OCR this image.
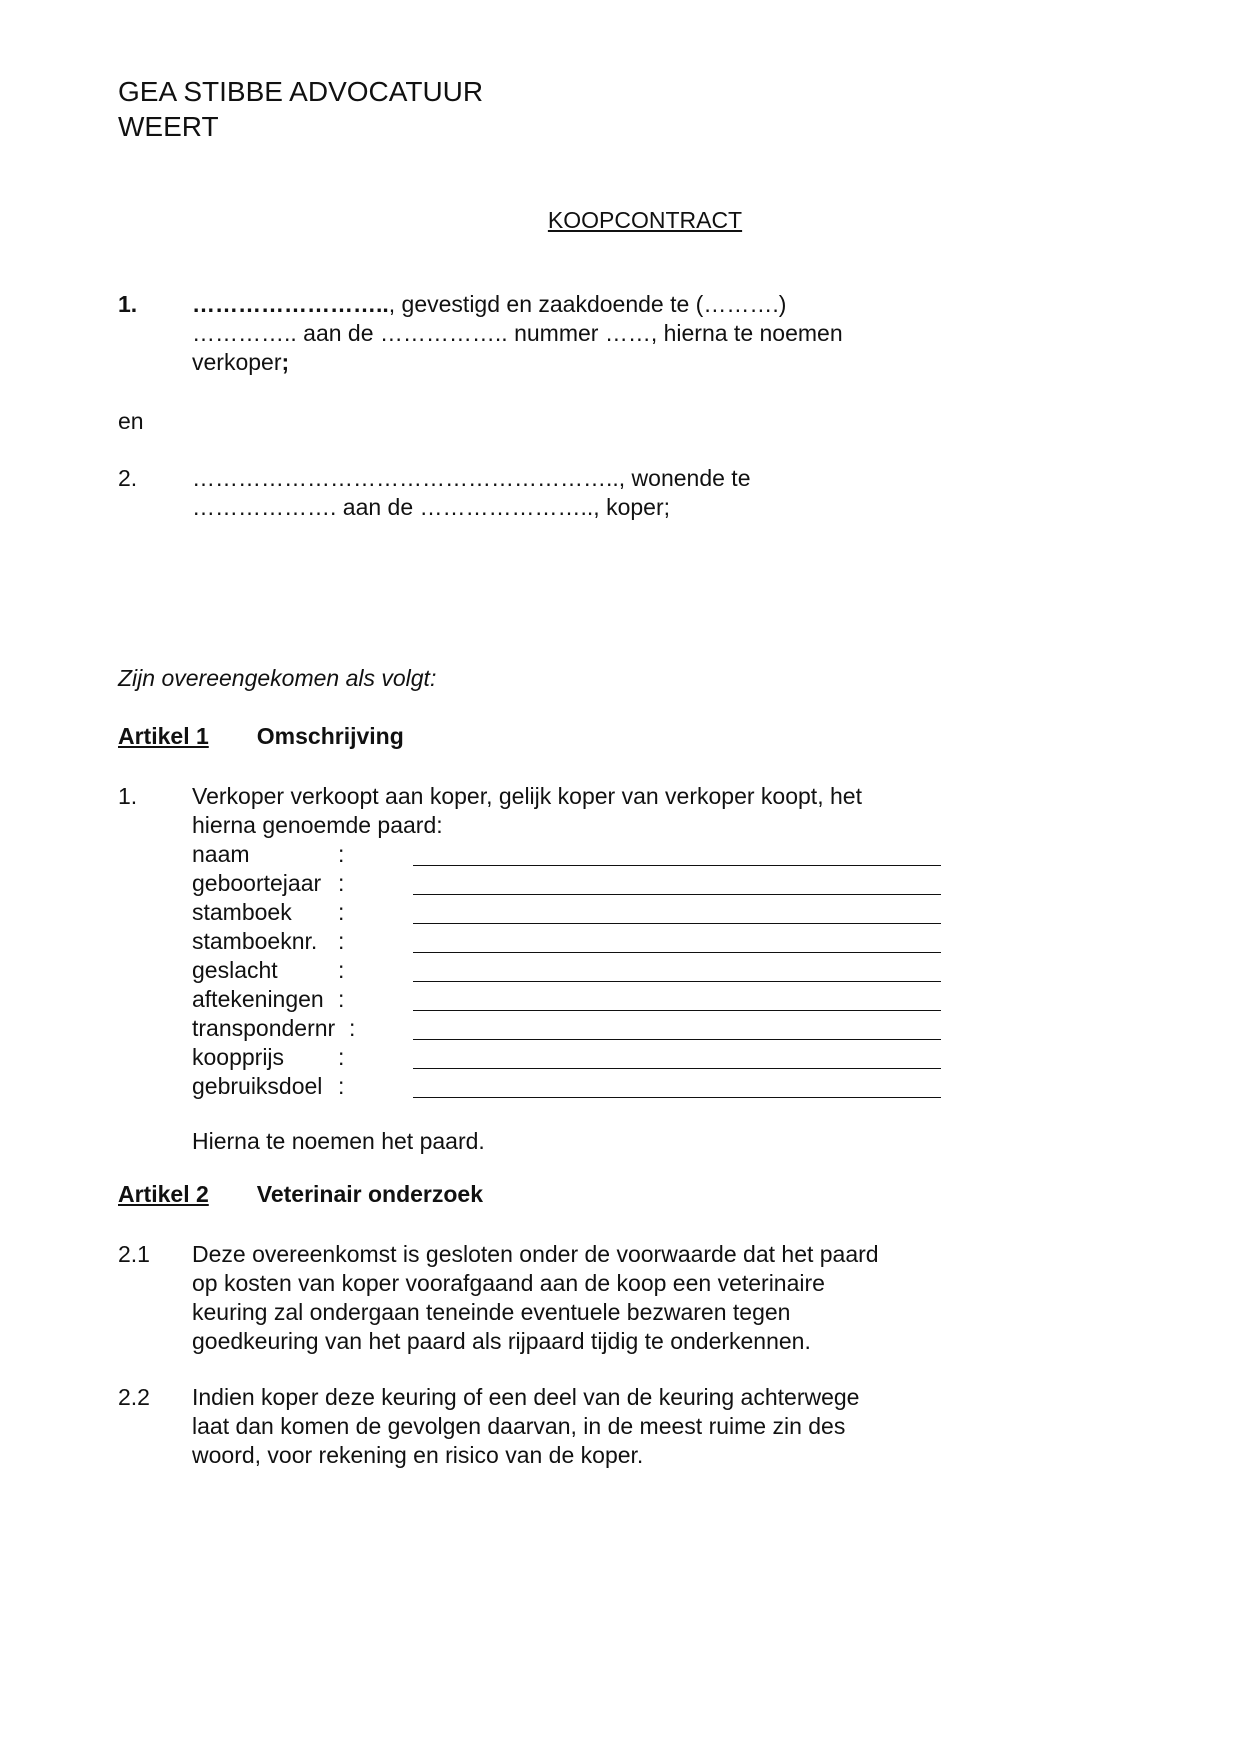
GEA STIBBE ADVOCATUUR
WEERT
KOOPCONTRACT
1. …………………….., gevestigd en zaakdoende te (……….)
………….. aan de …………….. nummer ……, hierna te noemen
verkoper;
en
2. ……………………………………………….., wonende te
………………. aan de ………………….., koper;
Zijn overeengekomen als volgt:
Artikel 1 Omschrijving
1. Verkoper verkoopt aan koper, gelijk koper van verkoper koopt, het
hierna genoemde paard:
naam	:
geboortejaar :
stamboek :
stamboeknr. :
geslacht	:
aftekeningen :
transpondernr :
koopprijs :
gebruiksdoel :
Hierna te noemen het paard.
Artikel 2 Veterinair onderzoek
2.1 Deze overeenkomst is gesloten onder de voorwaarde dat het paard
op kosten van koper voorafgaand aan de koop een veterinaire
keuring zal ondergaan teneinde eventuele bezwaren tegen
goedkeuring van het paard als rijpaard tijdig te onderkennen.
2.2 Indien koper deze keuring of een deel van de keuring achterwege
laat dan komen de gevolgen daarvan, in de meest ruime zin des
woord, voor rekening en risico van de koper.
